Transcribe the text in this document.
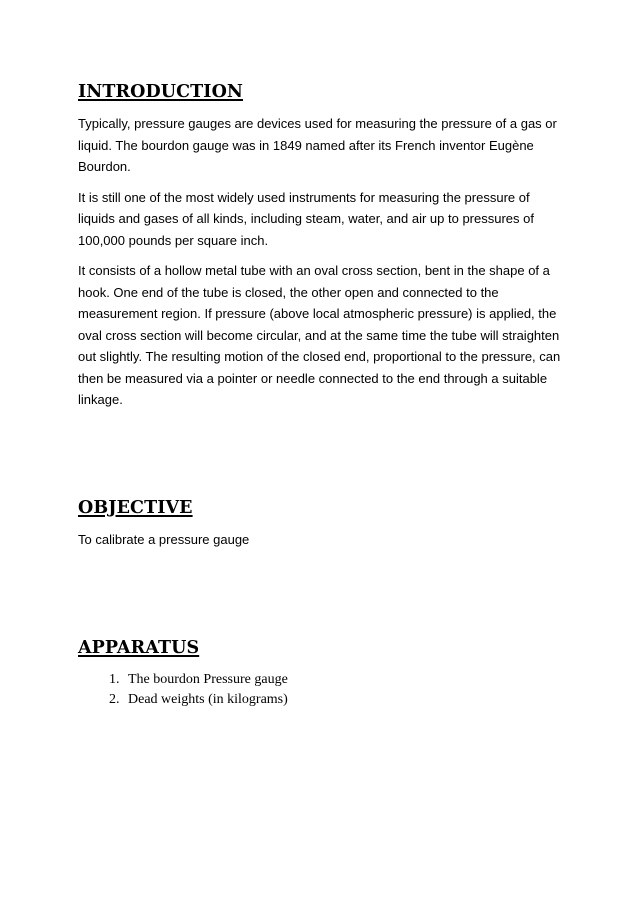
INTRODUCTION

Typically, pressure gauges are devices used for measuring the pressure of a gas or liquid. The bourdon gauge was in 1849 named after its French inventor Eugène Bourdon.

It is still one of the most widely used instruments for measuring the pressure of liquids and gases of all kinds, including steam, water, and air up to pressures of 100,000 pounds per square inch.

It consists of a hollow metal tube with an oval cross section, bent in the shape of a hook. One end of the tube is closed, the other open and connected to the measurement region. If pressure (above local atmospheric pressure) is applied, the oval cross section will become circular, and at the same time the tube will straighten out slightly. The resulting motion of the closed end, proportional to the pressure, can then be measured via a pointer or needle connected to the end through a suitable linkage.

OBJECTIVE

To calibrate a pressure gauge

APPARATUS
1. The bourdon Pressure gauge
2. Dead weights (in kilograms)
